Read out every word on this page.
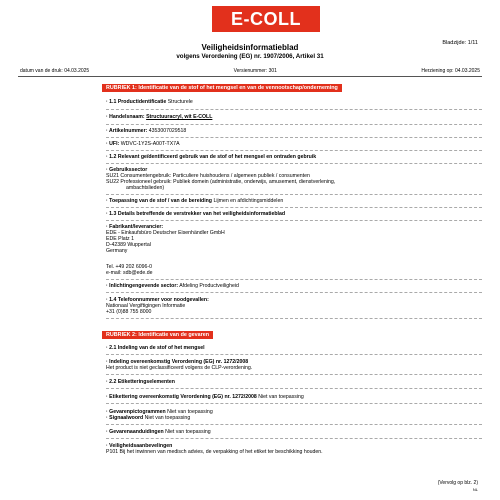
E-COLL
Bladzijde: 1/11
Veiligheidsinformatieblad
volgens Verordening (EG) nr. 1907/2006, Artikel 31
datum van de druk: 04.03.2025	Versienummer: 301	Herziening op: 04.03.2025
RUBRIEK 1: Identificatie van de stof of het mengsel en van de vennootschap/onderneming
· 1.1 Productidentificatie Structurele
· Handelsnaam: Structuuracryl, wit E-COLL
· Artikelnummer: 4353007029518
· UFI: WDVC-1Y2S-A00T-TX7A
· 1.2 Relevant geïdentificeerd gebruik van de stof of het mengsel en ontraden gebruik
· Gebruikssector
SU21 Consumentengebruik: Particuliere huishoudens / algemeen publiek / consumenten
SU22 Professioneel gebruik: Publiek domein (administratie, onderwijs, amusement, dienstverlening,
ambachtslieden)
· Toepassing van de stof / van de bereiding Lijmen en afdichtingsmiddelen
· 1.3 Details betreffende de verstrekker van het veiligheidsinformatieblad
· Fabrikant/leverancier:
EDE - Einkaufsbüro Deutscher Eisenhändler GmbH
EDE Platz 1
D-42389 Wuppertal
Germany
Tel. +49 202 6096-0
e-mail: sdb@ede.de
· Inlichtingengevende sector: Afdeling Productveiligheid
· 1.4 Telefoonnummer voor noodgevallen:
Nationaal Vergiftigingen Informatie
+31 (0)88 755 8000
RUBRIEK 2: Identificatie van de gevaren
· 2.1 Indeling van de stof of het mengsel
· Indeling overeenkomstig Verordening (EG) nr. 1272/2008
Het product is niet geclassificeerd volgens de CLP-verordening.
· 2.2 Etiketteringselementen
· Etikettering overeenkomstig Verordening (EG) nr. 1272/2008 Niet van toepassing
· Gevarenpictogrammen Niet van toepassing
· Signaalwoord Niet van toepassing
· Gevarenaanduidingen Niet van toepassing
· Veiligheidsaanbevelingen
P101 Bij het inwinnen van medisch advies, de verpakking of het etiket ter beschikking houden.
(Vervolg op blz. 2)
NL
